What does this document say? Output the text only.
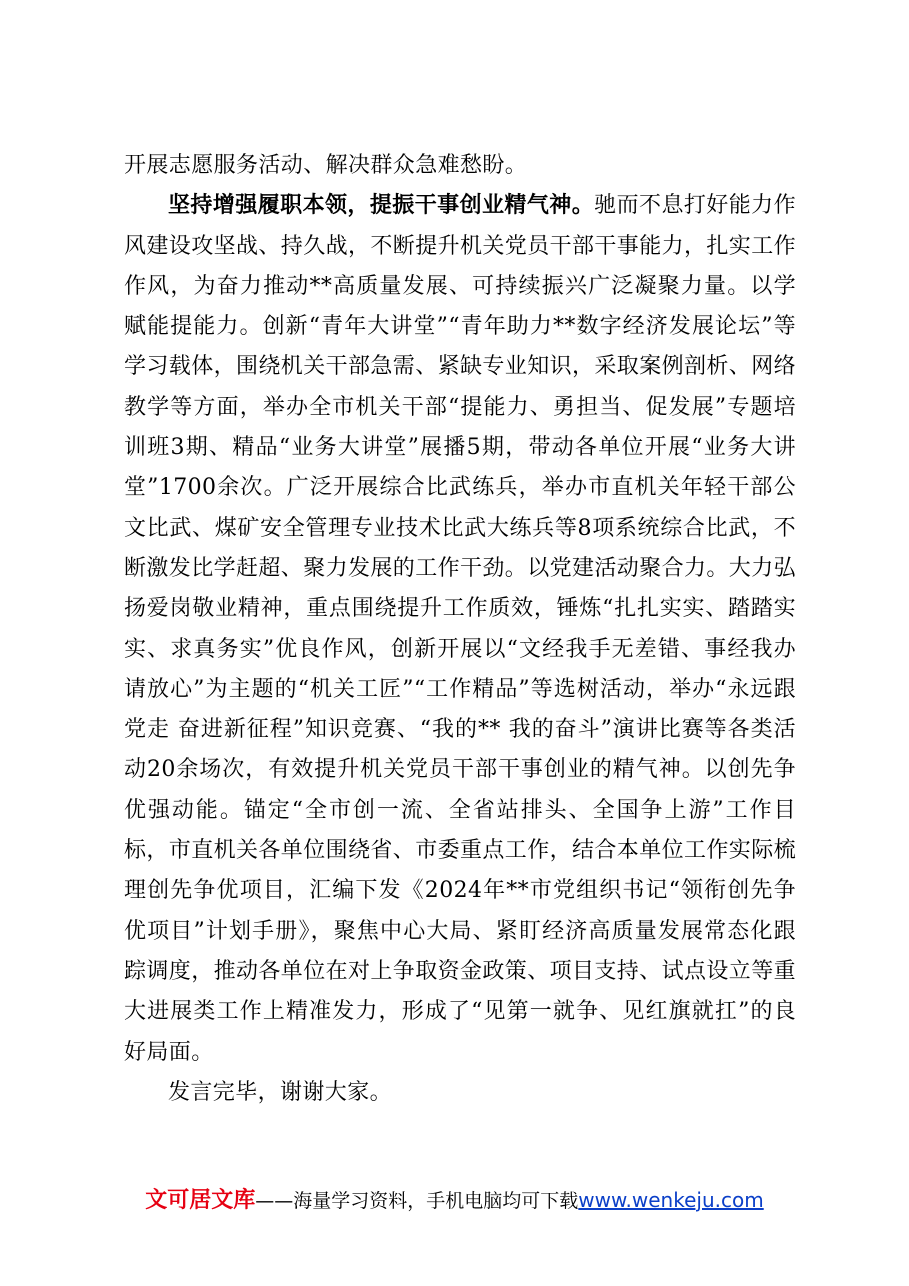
开展志愿服务活动、解决群众急难愁盼。

坚持增强履职本领，提振干事创业精气神。驰而不息打好能力作风建设攻坚战、持久战，不断提升机关党员干部干事能力，扎实工作作风，为奋力推动**高质量发展、可持续振兴广泛凝聚力量。以学赋能提能力。创新“青年大讲堂”“青年助力**数字经济发展论坛”等学习载体，围绕机关干部急需、紧缺专业知识，采取案例剖析、网络教学等方面，举办全市机关干部“提能力、勇担当、促发展”专题培训班3期、精品“业务大讲堂”展播5期，带动各单位开展“业务大讲堂”1700余次。广泛开展综合比武练兵，举办市直机关年轻干部公文比武、煤矿安全管理专业技术比武大练兵等8项系统综合比武，不断激发比学赶超、聚力发展的工作干劲。以党建活动聚合力。大力弘扬爱岗敬业精神，重点围绕提升工作质效，锤炼“扎扎实实、踏踏实实、求真务实”优良作风，创新开展以“文经我手无差错、事经我办请放心”为主题的“机关工匠”“工作精品”等选树活动，举办“永远跟党走 奋进新征程”知识竞赛、“我的** 我的奋斗”演讲比赛等各类活动20余场次，有效提升机关党员干部干事创业的精气神。以创先争优强动能。锚定“全市创一流、全省站排头、全国争上游”工作目标，市直机关各单位围绕省、市委重点工作，结合本单位工作实际梳理创先争优项目，汇编下发《2024年**市党组织书记“领衔创先争优项目”计划手册》，聚焦中心大局、紧盯经济高质量发展常态化跟踪调度，推动各单位在对上争取资金政策、项目支持、试点设立等重大进展类工作上精准发力，形成了“见第一就争、见红旗就扛”的良好局面。

发言完毕，谢谢大家。

文可居文库——海量学习资料，手机电脑均可下载www.wenkeju.com
